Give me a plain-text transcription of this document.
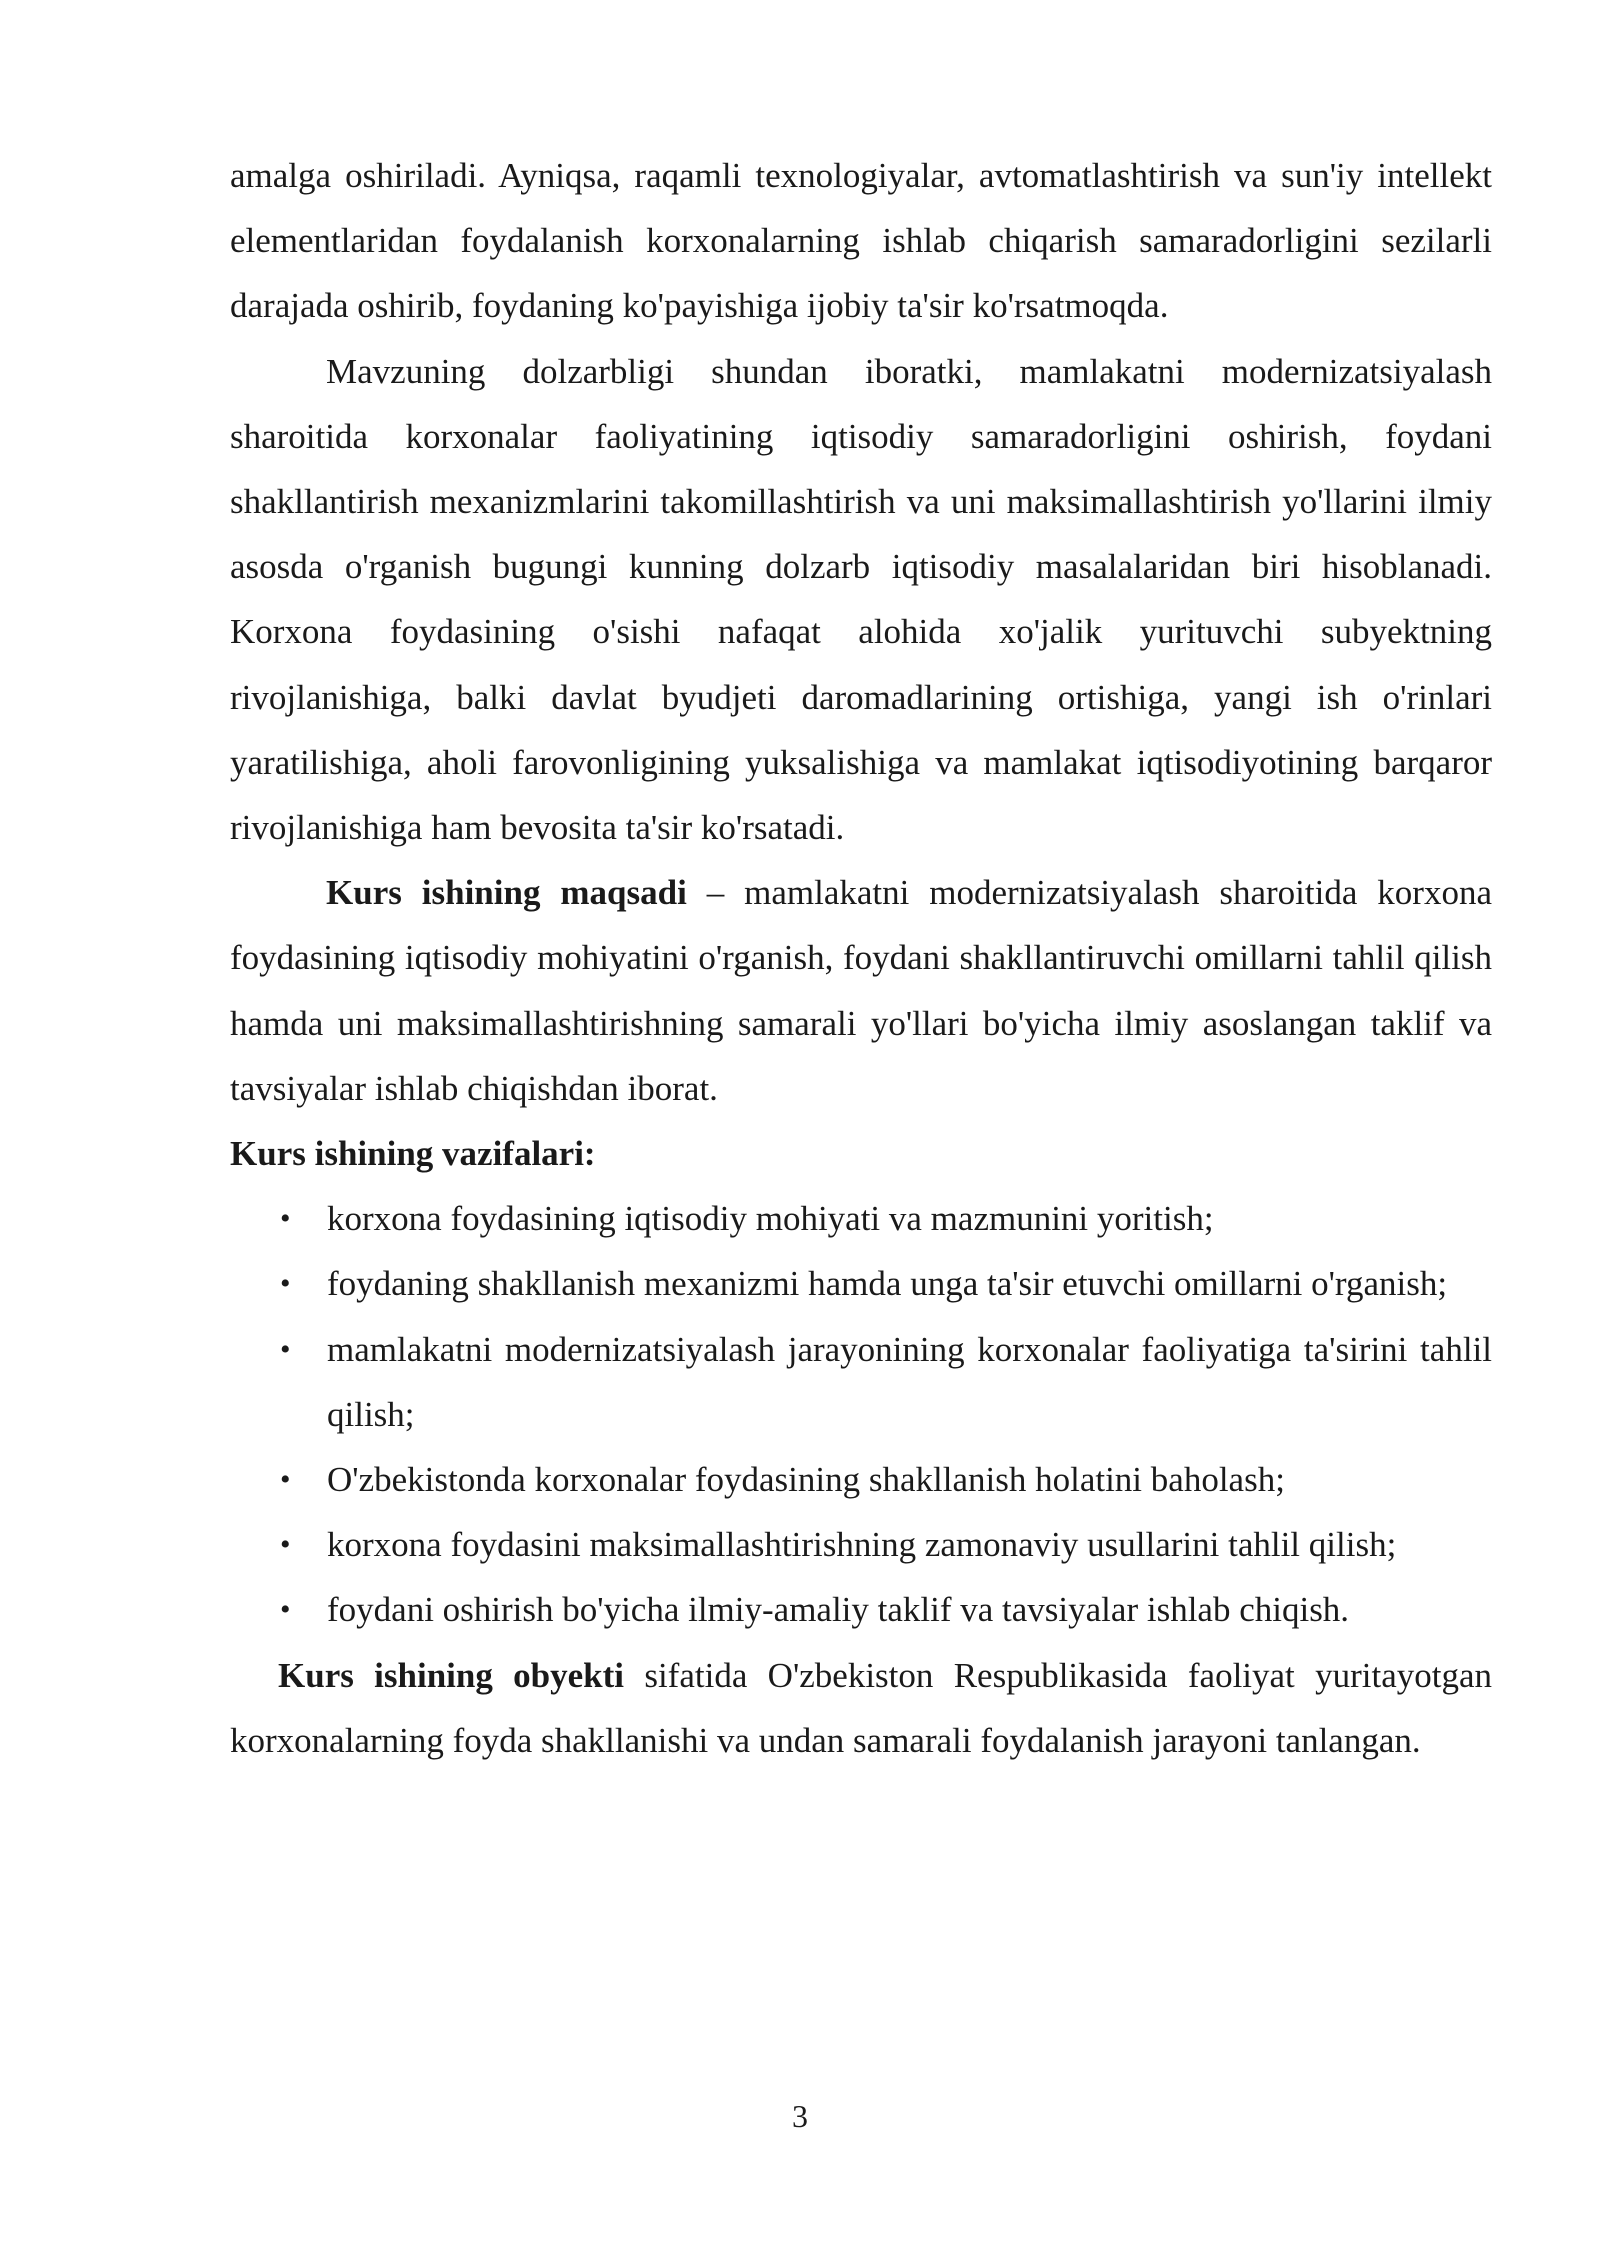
amalga oshiriladi. Ayniqsa, raqamli texnologiyalar, avtomatlashtirish va sun'iy intellekt elementlaridan foydalanish korxonalarning ishlab chiqarish samaradorligini sezilarli darajada oshirib, foydaning ko'payishiga ijobiy ta'sir ko'rsatmoqda.

Mavzuning dolzarbligi shundan iboratki, mamlakatni modernizatsiyalash sharoitida korxonalar faoliyatining iqtisodiy samaradorligini oshirish, foydani shakllantirish mexanizmlarini takomillashtirish va uni maksimallashtirish yo'llarini ilmiy asosda o'rganish bugungi kunning dolzarb iqtisodiy masalalaridan biri hisoblanadi. Korxona foydasining o'sishi nafaqat alohida xo'jalik yurituvchi subyektning rivojlanishiga, balki davlat byudjeti daromadlarining ortishiga, yangi ish o'rinlari yaratilishiga, aholi farovonligining yuksalishiga va mamlakat iqtisodiyotining barqaror rivojlanishiga ham bevosita ta'sir ko'rsatadi.

Kurs ishining maqsadi – mamlakatni modernizatsiyalash sharoitida korxona foydasining iqtisodiy mohiyatini o'rganish, foydani shakllantiruvchi omillarni tahlil qilish hamda uni maksimallashtirishning samarali yo'llari bo'yicha ilmiy asoslangan taklif va tavsiyalar ishlab chiqishdan iborat.

Kurs ishining vazifalari:

• korxona foydasining iqtisodiy mohiyati va mazmunini yoritish;
• foydaning shakllanish mexanizmi hamda unga ta'sir etuvchi omillarni o'rganish;
• mamlakatni modernizatsiyalash jarayonining korxonalar faoliyatiga ta'sirini tahlil qilish;
• O'zbekistonda korxonalar foydasining shakllanish holatini baholash;
• korxona foydasini maksimallashtirishning zamonaviy usullarini tahlil qilish;
• foydani oshirish bo'yicha ilmiy-amaliy taklif va tavsiyalar ishlab chiqish.

Kurs ishining obyekti sifatida O'zbekiston Respublikasida faoliyat yuritayotgan korxonalarning foyda shakllanishi va undan samarali foydalanish jarayoni tanlangan.

3
